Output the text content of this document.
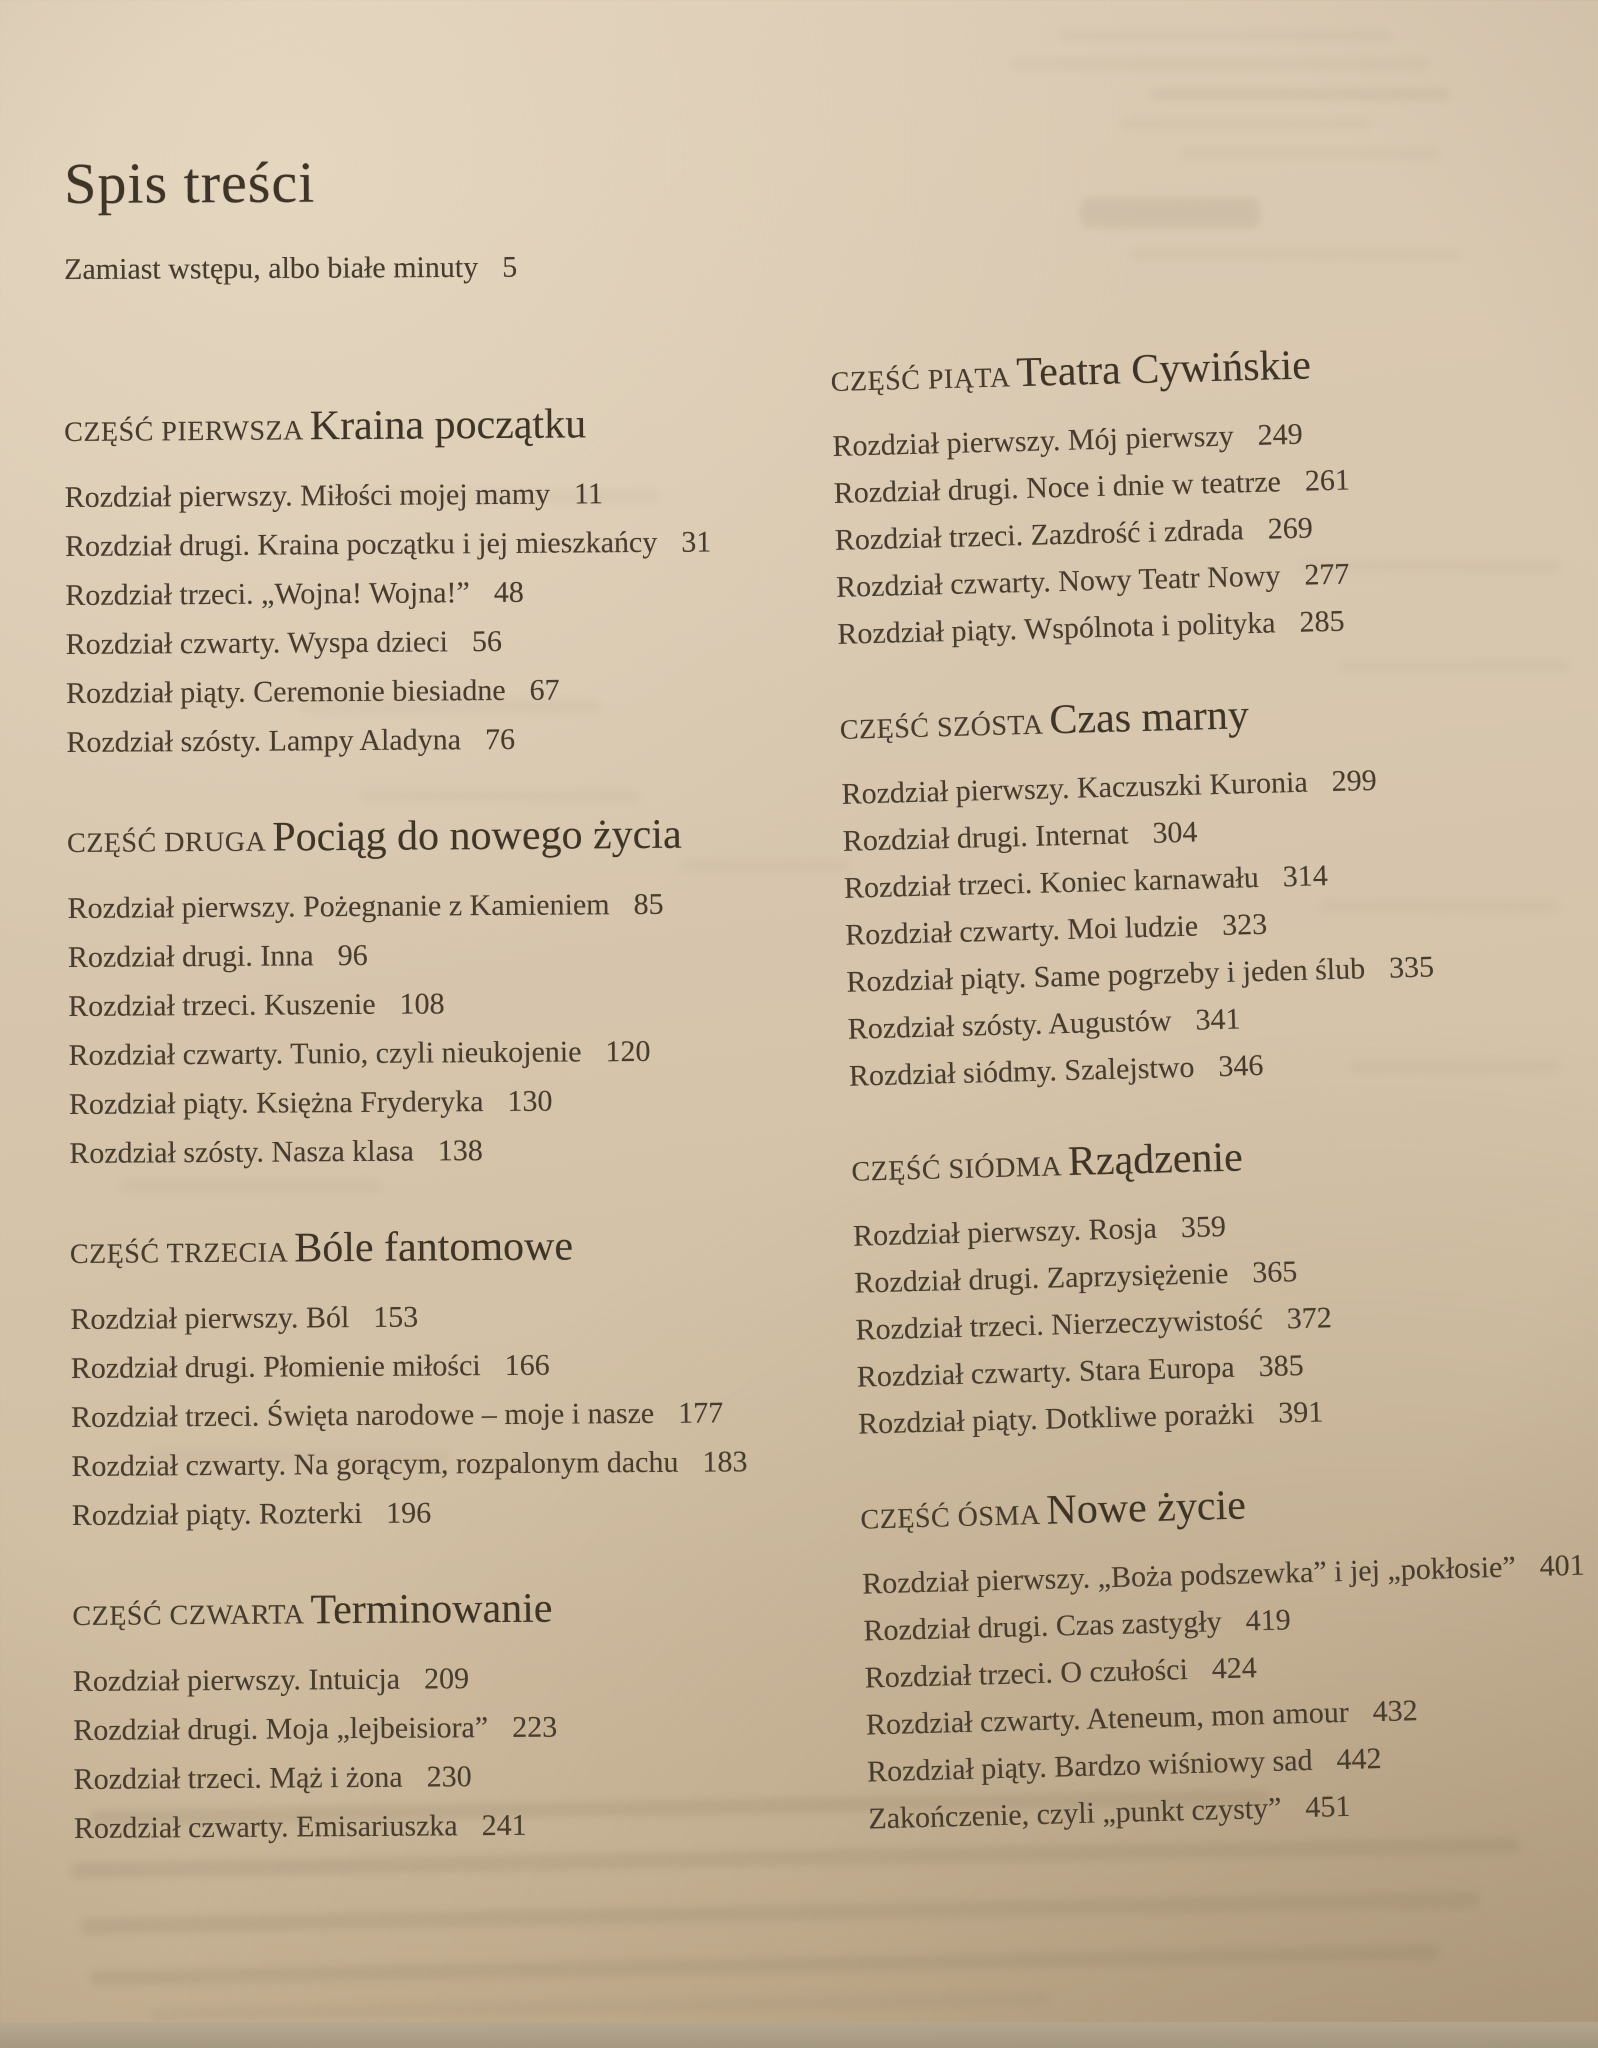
Spis treści
Zamiast wstępu, albo białe minuty 5
CZĘŚĆ PIERWSZA Kraina początku
Rozdział pierwszy. Miłości mojej mamy 11
Rozdział drugi. Kraina początku i jej mieszkańcy 31
Rozdział trzeci. „Wojna! Wojna!” 48
Rozdział czwarty. Wyspa dzieci 56
Rozdział piąty. Ceremonie biesiadne 67
Rozdział szósty. Lampy Aladyna 76
CZĘŚĆ DRUGA Pociąg do nowego życia
Rozdział pierwszy. Pożegnanie z Kamieniem 85
Rozdział drugi. Inna 96
Rozdział trzeci. Kuszenie 108
Rozdział czwarty. Tunio, czyli nieukojenie 120
Rozdział piąty. Księżna Fryderyka 130
Rozdział szósty. Nasza klasa 138
CZĘŚĆ TRZECIA Bóle fantomowe
Rozdział pierwszy. Ból 153
Rozdział drugi. Płomienie miłości 166
Rozdział trzeci. Święta narodowe – moje i nasze 177
Rozdział czwarty. Na gorącym, rozpalonym dachu 183
Rozdział piąty. Rozterki 196
CZĘŚĆ CZWARTA Terminowanie
Rozdział pierwszy. Intuicja 209
Rozdział drugi. Moja „lejbeisiora” 223
Rozdział trzeci. Mąż i żona 230
Rozdział czwarty. Emisariuszka 241
CZĘŚĆ PIĄTA Teatra Cywińskie
Rozdział pierwszy. Mój pierwszy 249
Rozdział drugi. Noce i dnie w teatrze 261
Rozdział trzeci. Zazdrość i zdrada 269
Rozdział czwarty. Nowy Teatr Nowy 277
Rozdział piąty. Wspólnota i polityka 285
CZĘŚĆ SZÓSTA Czas marny
Rozdział pierwszy. Kaczuszki Kuronia 299
Rozdział drugi. Internat 304
Rozdział trzeci. Koniec karnawału 314
Rozdział czwarty. Moi ludzie 323
Rozdział piąty. Same pogrzeby i jeden ślub 335
Rozdział szósty. Augustów 341
Rozdział siódmy. Szalejstwo 346
CZĘŚĆ SIÓDMA Rządzenie
Rozdział pierwszy. Rosja 359
Rozdział drugi. Zaprzysiężenie 365
Rozdział trzeci. Nierzeczywistość 372
Rozdział czwarty. Stara Europa 385
Rozdział piąty. Dotkliwe porażki 391
CZĘŚĆ ÓSMA Nowe życie
Rozdział pierwszy. „Boża podszewka” i jej „pokłosie” 401
Rozdział drugi. Czas zastygły 419
Rozdział trzeci. O czułości 424
Rozdział czwarty. Ateneum, mon amour 432
Rozdział piąty. Bardzo wiśniowy sad 442
Zakończenie, czyli „punkt czysty” 451
